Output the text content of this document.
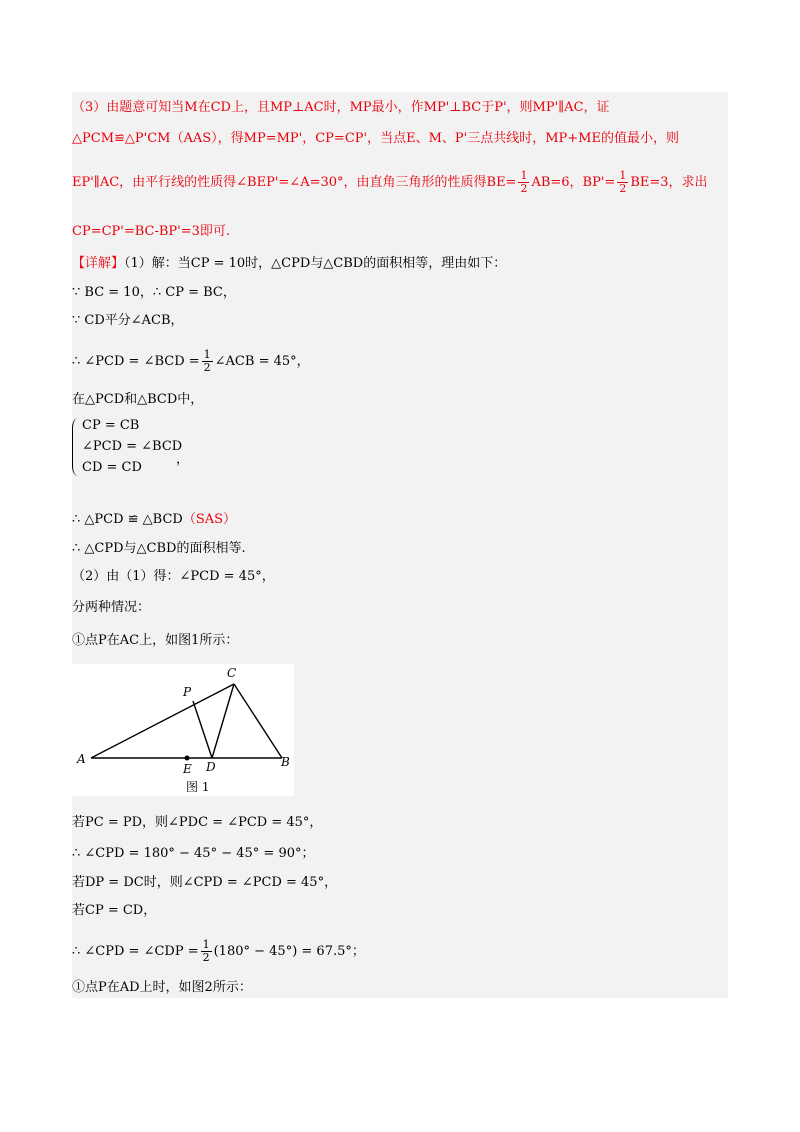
（3）由题意可知当M在CD上，且MP⊥AC时，MP最小，作MP'⊥BC于P'，则MP'∥AC，证
△PCM≌△P'CM（AAS），得MP=MP'，CP=CP'，当点E、M、P'三点共线时，MP+ME的值最小，则
EP'∥AC，由平行线的性质得∠BEP'=∠A=30°，由直角三角形的性质得$BE= \frac{1}{2} AB=6$，$BP'= \frac{1}{2} BE=3$，求出
CP=CP'=BC-BP'=3即可.
【详解】（1）解：当CP = 10时，△CPD与△CBD的面积相等，理由如下：
∵ BC = 10，∴ CP = BC，
∵ CD平分∠ACB，
∴ ∠PCD = ∠BCD = $\frac{1}{2}$ ∠ACB = 45°，
在△PCD和△BCD中，
CP = CB
∠PCD = ∠BCD
CD = CD
，
∴ △PCD ≌ △BCD（SAS）
∴ △CPD与△CBD的面积相等.
（2）由（1）得：∠PCD = 45°，
分两种情况：
①点P在AC上，如图1所示：
A	B
C
P
D
E
图 1
若PC = PD，则∠PDC = ∠PCD = 45°，
∴ ∠CPD = 180° − 45° − 45° = 90°；
若DP = DC时，则∠CPD = ∠PCD = 45°，
若CP = CD，
∴ ∠CPD = ∠CDP = $\frac{1}{2} (180^\circ - 45^\circ) = 67.5^\circ$；
①点P在AD上时，如图2所示：
